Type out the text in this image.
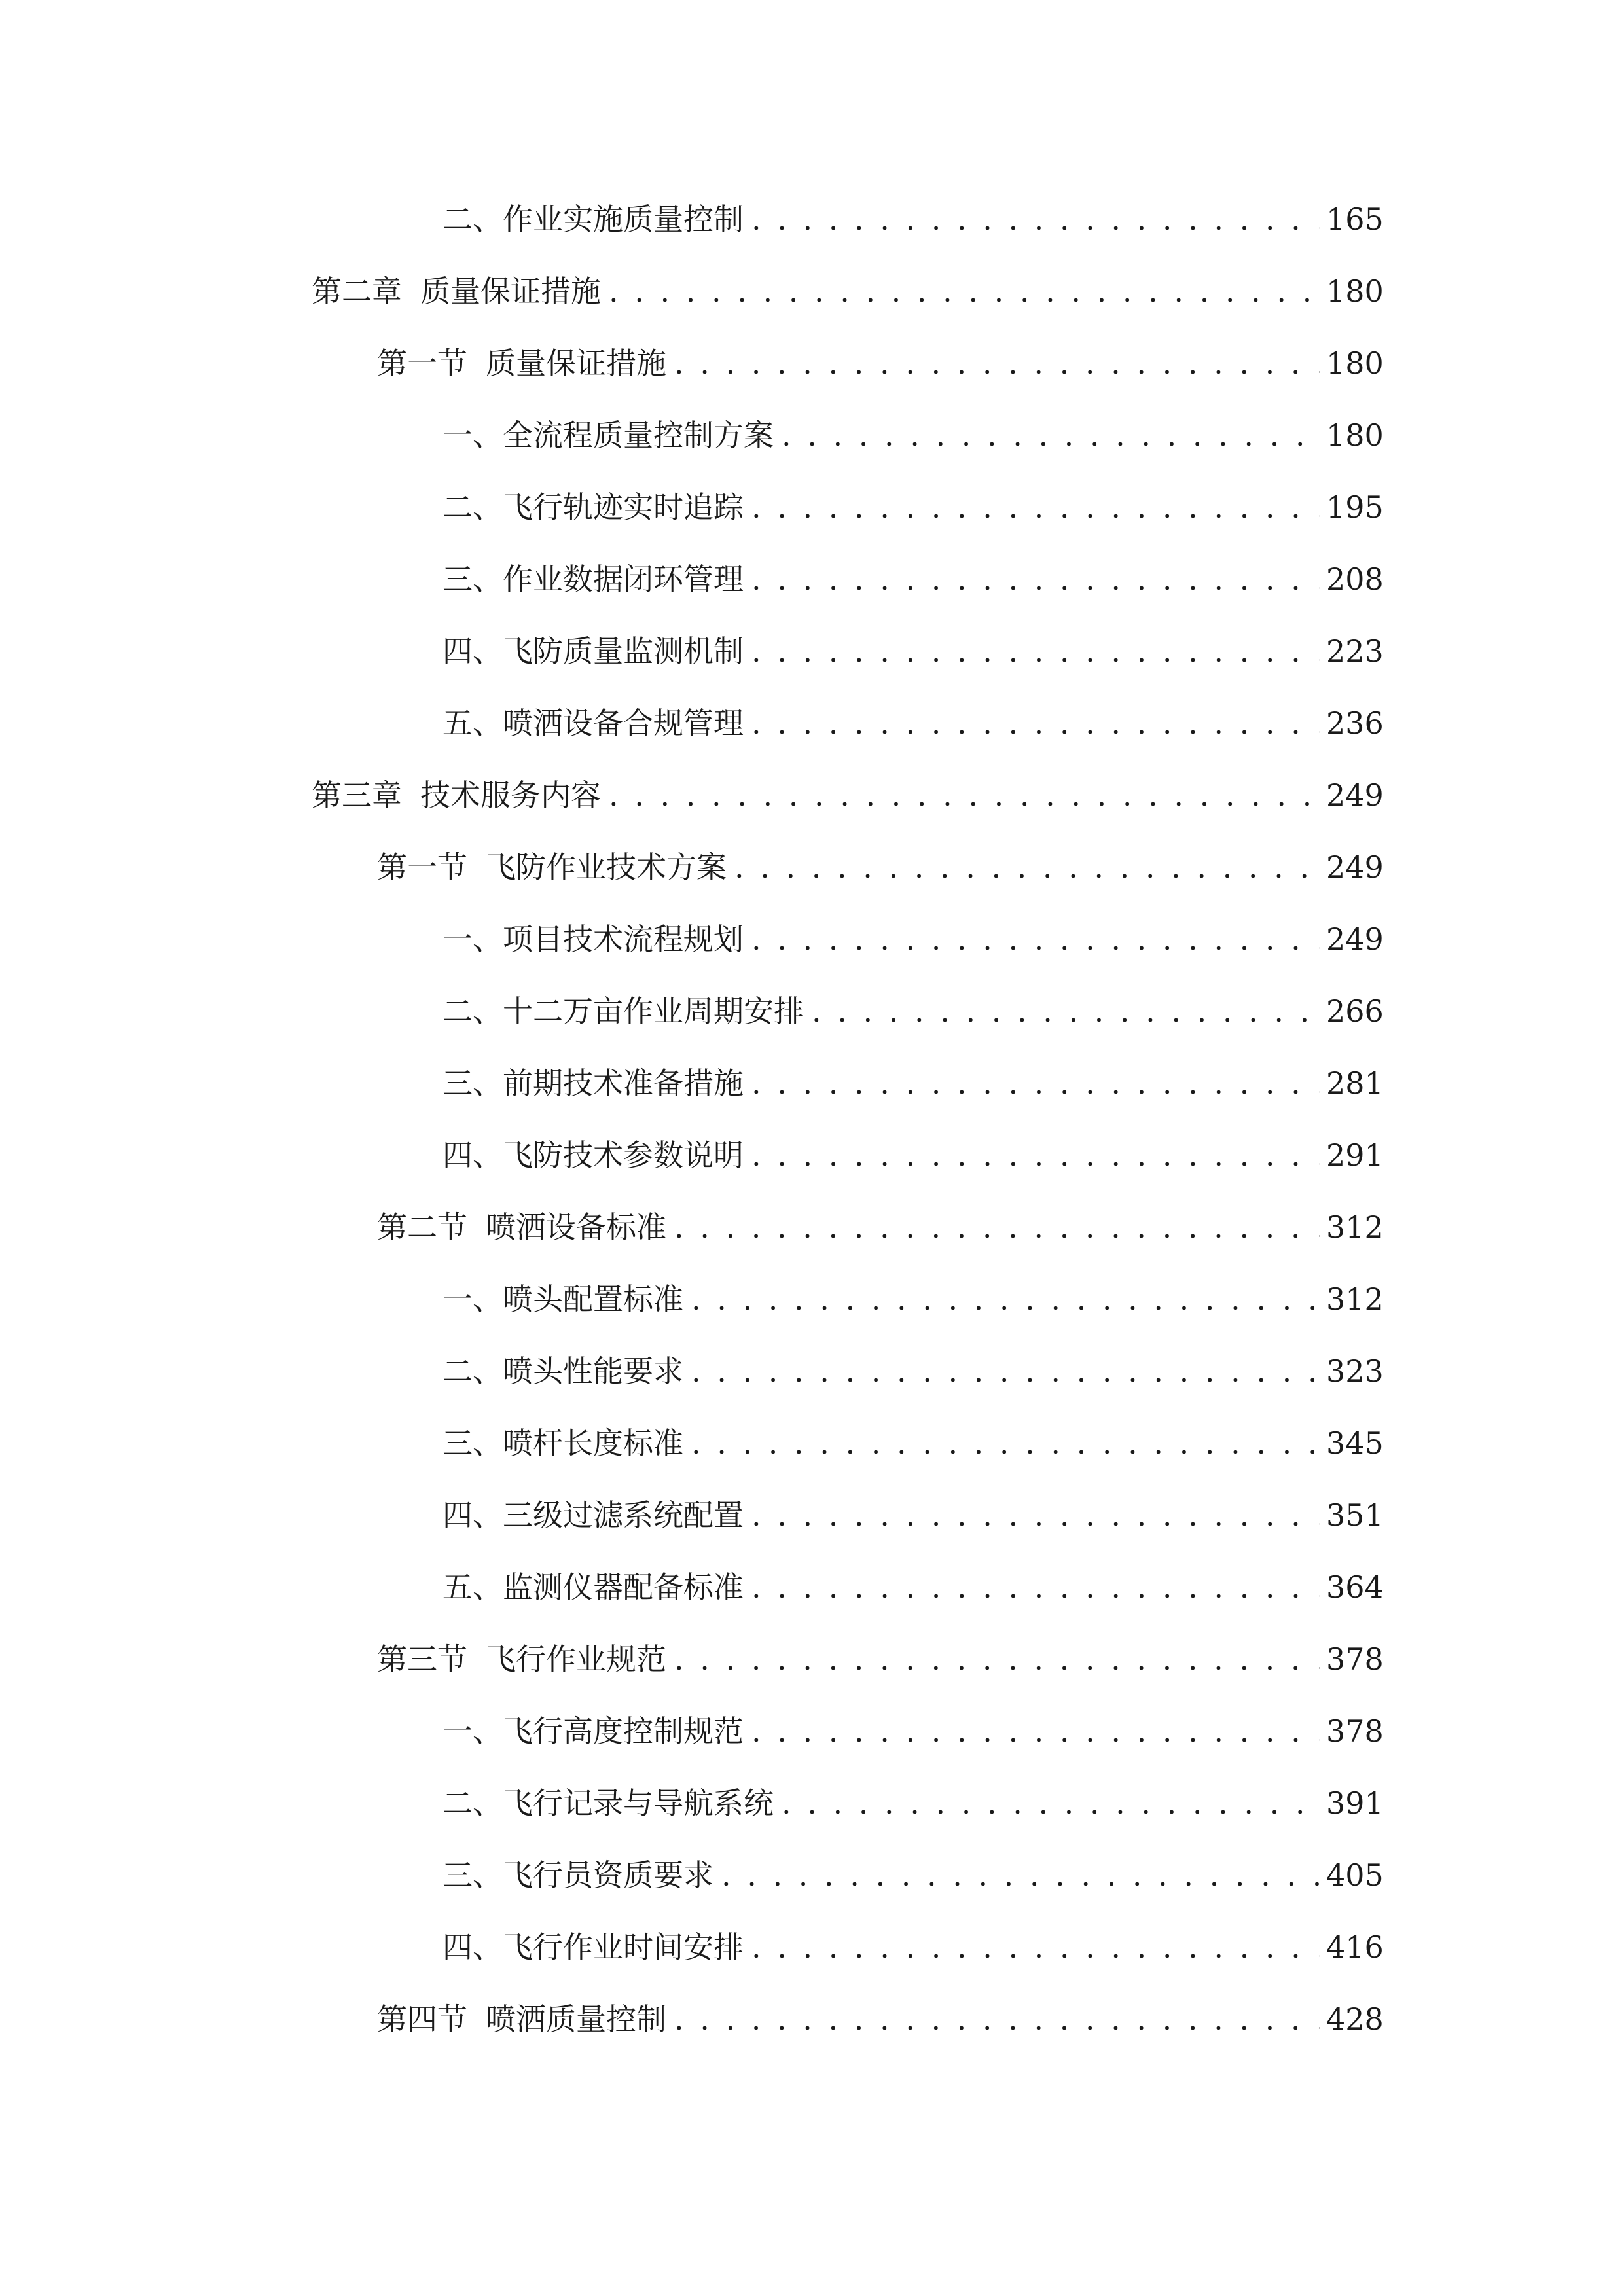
二、 作业实施质量控制 . . .	165
第二章 质量保证措施 . . .	180
第一节 质量保证措施 . . .	180
一、 全流程质量控制方案 . . .	180
二、 飞行轨迹实时追踪 . . .	195
三、 作业数据闭环管理 . . .	208
四、 飞防质量监测机制 . . .	223
五、 喷洒设备合规管理 . . .	236
第三章 技术服务内容 . . .	249
第一节 飞防作业技术方案 . . .	249
一、 项目技术流程规划 . . .	249
二、 十二万亩作业周期安排 . . .	266
三、 前期技术准备措施 . . .	281
四、 飞防技术参数说明 . . .	291
第二节 喷洒设备标准 . . .	312
一、 喷头配置标准 . . .	312
二、 喷头性能要求 . . .	323
三、 喷杆长度标准 . . .	345
四、 三级过滤系统配置 . . .	351
五、 监测仪器配备标准 . . .	364
第三节 飞行作业规范 . . .	378
一、 飞行高度控制规范 . . .	378
二、 飞行记录与导航系统 . . .	391
三、 飞行员资质要求 . . .	405
四、 飞行作业时间安排 . . .	416
第四节 喷洒质量控制 . . .	428
